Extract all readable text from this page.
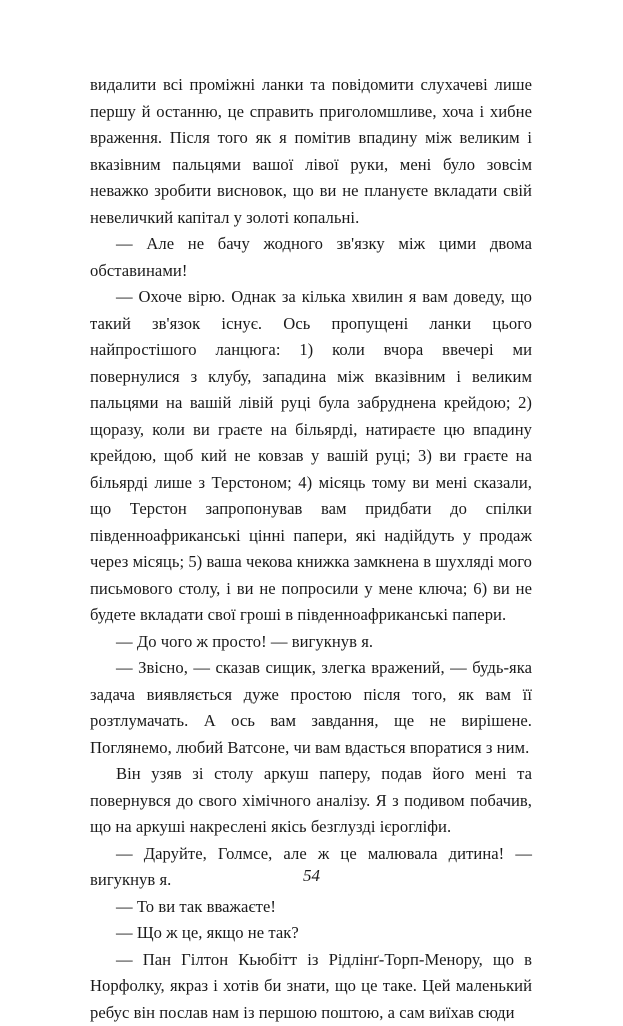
видалити всі проміжні ланки та повідомити слухачеві лише першу й останню, це справить приголомшливе, хоча і хибне враження. Після того як я помітив впадину між великим і вказівним пальцями вашої лівої руки, мені було зовсім неважко зробити висновок, що ви не плануєте вкладати свій невеличкий капітал у золоті копальні.

— Але не бачу жодного зв'язку між цими двома обставинами!

— Охоче вірю. Однак за кілька хвилин я вам доведу, що такий зв'язок існує. Ось пропущені ланки цього найпростішого ланцюга: 1) коли вчора ввечері ми повернулися з клубу, западина між вказівним і великим пальцями на вашій лівій руці була забруднена крейдою; 2) щоразу, коли ви граєте на більярді, натираєте цю впадину крейдою, щоб кий не ковзав у вашій руці; 3) ви граєте на більярді лише з Терстоном; 4) місяць тому ви мені сказали, що Терстон запропонував вам придбати до спілки південноафриканські цінні папери, які надійдуть у продаж через місяць; 5) ваша чекова книжка замкнена в шухляді мого письмового столу, і ви не попросили у мене ключа; 6) ви не будете вкладати свої гроші в південноафриканські папери.

— До чого ж просто! — вигукнув я.

— Звісно, — сказав сищик, злегка вражений, — будь-яка задача виявляється дуже простою після того, як вам її розтлумачать. А ось вам завдання, ще не вирішене. Поглянемо, любий Ватсоне, чи вам вдасться впоратися з ним.

Він узяв зі столу аркуш паперу, подав його мені та повернувся до свого хімічного аналізу. Я з подивом побачив, що на аркуші накреслені якісь безглузді ієрогліфи.

— Даруйте, Голмсе, але ж це малювала дитина! — вигукнув я.

— То ви так вважаєте!

— Що ж це, якщо не так?

— Пан Гілтон Кьюбітт із Рідлінґ-Торп-Менору, що в Норфолку, якраз і хотів би знати, що це таке. Цей маленький ребус він послав нам із першою поштою, а сам виїхав сюди

54
